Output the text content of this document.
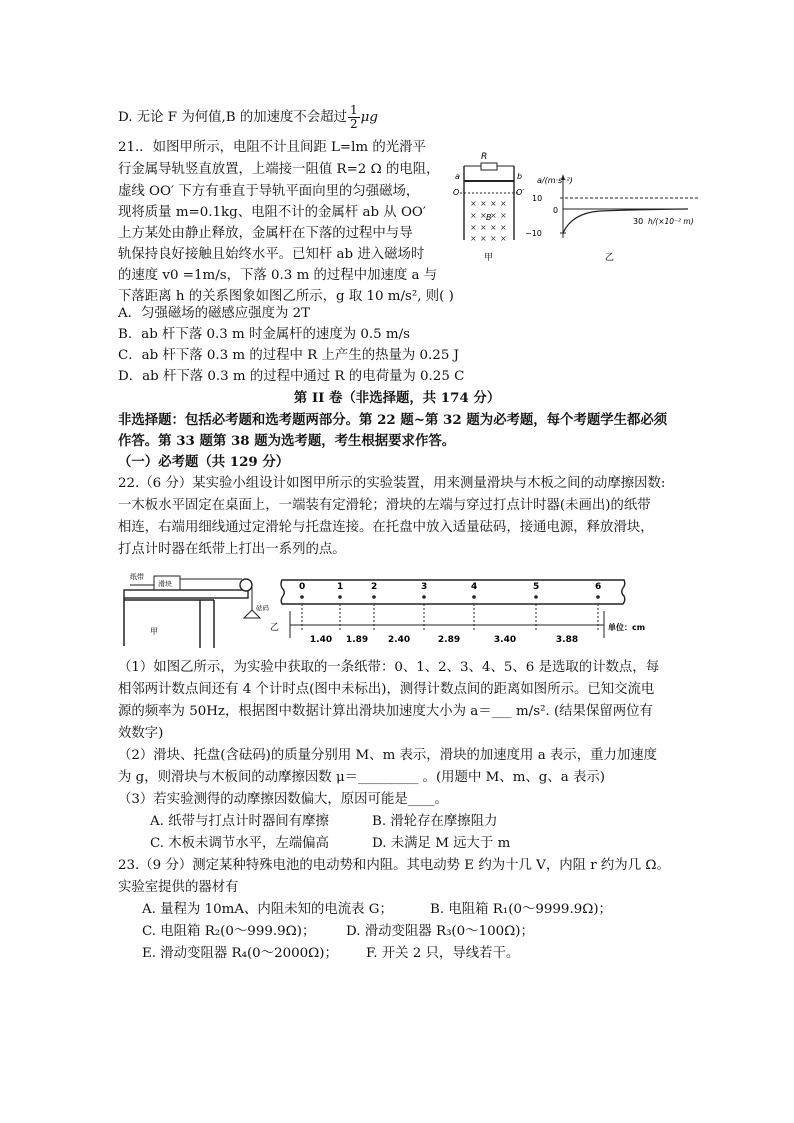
D. 无论 F 为何值,B 的加速度不会超过 $\frac{1}{2}$ μg
21.．如图甲所示，电阻不计且间距 L=lm 的光滑平
行金属导轨竖直放置，上端接一阻值 R=2 Ω 的电阻，
虚线 OO′ 下方有垂直于导轨平面向里的匀强磁场，
现将质量 m=0.1kg、电阻不计的金属杆 ab 从 OO′
上方某处由静止释放，金属杆在下落的过程中与导
轨保持良好接触且始终水平。已知杆 ab 进入磁场时
的速度 v0 =1m/s，下落 0.3 m 的过程中加速度 a 与
下落距离 h 的关系图象如图乙所示，g 取 10 m/s², 则( )
R
a	b
O	O′
× × × ×
× × × ×
× × × ×
× × × ×
B
甲
a/(m·s⁻²)
10
0
−10
30 h/(×10⁻² m)
乙
A．匀强磁场的磁感应强度为 2T
B．ab 杆下落 0.3 m 时金属杆的速度为 0.5 m/s
C．ab 杆下落 0.3 m 的过程中 R 上产生的热量为 0.25 J
D．ab 杆下落 0.3 m 的过程中通过 R 的电荷量为 0.25 C
第 II 卷（非选择题，共 174 分）
非选择题：包括必考题和选考题两部分。第 22 题~第 32 题为必考题，每个考题学生都必须
作答。第 33 题第 38 题为选考题，考生根据要求作答。
（一）必考题（共 129 分）
22.（6 分）某实验小组设计如图甲所示的实验装置，用来测量滑块与木板之间的动摩擦因数:
一木板水平固定在桌面上，一端装有定滑轮；滑块的左端与穿过打点计时器(未画出)的纸带
相连，右端用细线通过定滑轮与托盘连接。在托盘中放入适量砝码，接通电源，释放滑块，
打点计时器在纸带上打出一系列的点。
纸带
滑块
砝码
甲	乙	单位：cm
0	1	2	3	4	5	6
1.40 1.89 2.40	2.89	3.40	3.88
（1）如图乙所示，为实验中获取的一条纸带：0、1、2、3、4、5、6 是选取的计数点，每
相邻两计数点间还有 4 个计时点(图中未标出)，测得计数点间的距离如图所示。已知交流电
源的频率为 50Hz，根据图中数据计算出滑块加速度大小为 a＝___ m/s². (结果保留两位有
效数字)
（2）滑块、托盘(含砝码)的质量分别用 M、m 表示，滑块的加速度用 a 表示，重力加速度
为 g，则滑块与木板间的动摩擦因数 μ＝_________ 。(用题中 M、m、g、a 表示)
（3）若实验测得的动摩擦因数偏大，原因可能是____。
A. 纸带与打点计时器间有摩擦	B. 滑轮存在摩擦阻力
C. 木板未调节水平，左端偏高	D. 未满足 M 远大于 m
23.（9 分）测定某种特殊电池的电动势和内阻。其电动势 E 约为十几 V，内阻 r 约为几 Ω。
实验室提供的器材有
A. 量程为 10mA、内阻未知的电流表 G；	B. 电阻箱 R₁(0～9999.9Ω)；
C. 电阻箱 R₂(0～999.9Ω)； D. 滑动变阻器 R₃(0～100Ω)；
E. 滑动变阻器 R₄(0～2000Ω)； F. 开关 2 只，导线若干。
